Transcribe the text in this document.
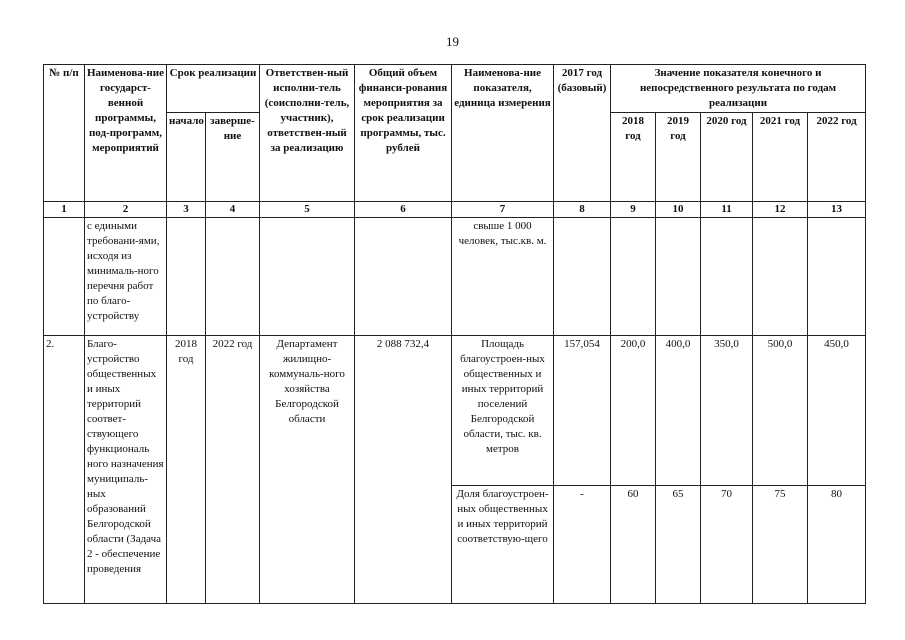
19
№ п/п	Наименова-ние государст-венной программы, под-программ, мероприятий	Срок реализации		Ответствен-ный исполни-тель (соисполни-тель, участник), ответствен-ный за реализацию	Общий объем финанси-рования мероприятия за срок реализации программы, тыс. рублей	Наименова-ние показателя, единица измерения	2017 год (базовый)	Значение показателя конечного и непосредственного результата по годам реализации				
		начало	заверше-ние					2018 год	2019 год	2020 год	2021 год	2022 год
1	2	3	4	5	6	7	8	9	10	11	12	13
	с едиными требовани-ями, исходя из минималь-ного перечня работ по благо-устройству					свыше 1 000 человек, тыс.кв. м.						
2.	Благо-устройство общественных и иных территорий соответ-ствующего функциональ ного назначения муниципаль-ных образований Белгородской области (Задача 2 - обеспечение проведения	2018 год	2022 год	Департамент жилищно-коммуналь-ного хозяйства Белгородской области	2 088 732,4	Площадь благоустроен-ных общественных и иных территорий поселений Белгородской области, тыс. кв. метров	157,054	200,0	400,0	350,0	500,0	450,0
						Доля благоустроен-ных общественных и иных территорий соответствую-щего	-	60	65	70	75	80
